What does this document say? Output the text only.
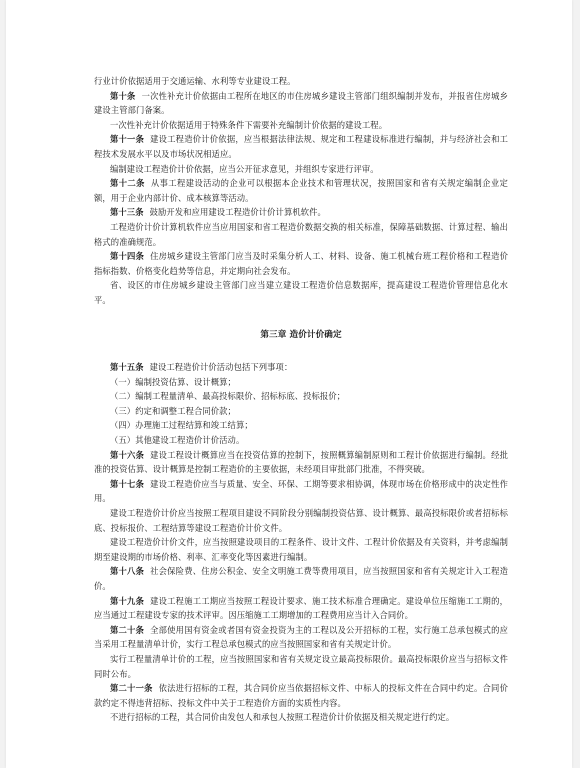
行业计价依据适用于交通运输、水利等专业建设工程。

第十条 一次性补充计价依据由工程所在地区的市住房城乡建设主管部门组织编制并发布，并报省住房城乡建设主管部门备案。

一次性补充计价依据适用于特殊条件下需要补充编制计价依据的建设工程。

第十一条 建设工程造价计价依据，应当根据法律法规、规定和工程建设标准进行编制，并与经济社会和工程技术发展水平以及市场状况相适应。

编制建设工程造价计价依据，应当公开征求意见，并组织专家进行评审。

第十二条 从事工程建设活动的企业可以根据本企业技术和管理状况，按照国家和省有关规定编制企业定额，用于企业内部计价、成本核算等活动。

第十三条 鼓励开发和应用建设工程造价计价计算机软件。

工程造价计价计算机软件应当应用国家和省工程造价数据交换的相关标准，保障基础数据、计算过程、输出格式的准确规范。

第十四条 住房城乡建设主管部门应当及时采集分析人工、材料、设备、施工机械台班工程价格和工程造价指标指数、价格变化趋势等信息，并定期向社会发布。

省、设区的市住房城乡建设主管部门应当建立建设工程造价信息数据库，提高建设工程造价管理信息化水平。

第三章 造价计价确定

第十五条 建设工程造价计价活动包括下列事项：

（一）编制投资估算、设计概算；

（二）编制工程量清单、最高投标限价、招标标底、投标报价；

（三）约定和调整工程合同价款；

（四）办理施工过程结算和竣工结算；

（五）其他建设工程造价计价活动。

第十六条 建设工程设计概算应当在投资估算的控制下，按照概算编制原则和工程计价依据进行编制。经批准的投资估算、设计概算是控制工程造价的主要依据，未经项目审批部门批准，不得突破。

第十七条 建设工程造价应当与质量、安全、环保、工期等要求相协调，体现市场在价格形成中的决定性作用。

建设工程造价计价应当按照工程项目建设不同阶段分别编制投资估算、设计概算、最高投标限价或者招标标底、投标报价、工程结算等建设工程造价计价文件。

建设工程造价计价文件，应当按照建设项目的工程条件、设计文件、工程计价依据及有关资料，并考虑编制期至建设期的市场价格、利率、汇率变化等因素进行编制。

第十八条 社会保险费、住房公积金、安全文明施工费等费用项目，应当按照国家和省有关规定计入工程造价。

第十九条 建设工程施工工期应当按照工程设计要求、施工技术标准合理确定。建设单位压缩施工工期的，应当通过工程建设专家的技术评审。因压缩施工工期增加的工程费用应当计入合同价。

第二十条 全部使用国有资金或者国有资金投资为主的工程以及公开招标的工程，实行施工总承包模式的应当采用工程量清单计价，实行工程总承包模式的应当按照国家和省有关规定计价。

实行工程量清单计价的工程，应当按照国家和省有关规定设立最高投标限价。最高投标限价应当与招标文件同时公布。

第二十一条 依法进行招标的工程，其合同价应当依据招标文件、中标人的投标文件在合同中约定。合同价款约定不得违背招标、投标文件中关于工程造价方面的实质性内容。

不进行招标的工程，其合同价由发包人和承包人按照工程造价计价依据及相关规定进行约定。
